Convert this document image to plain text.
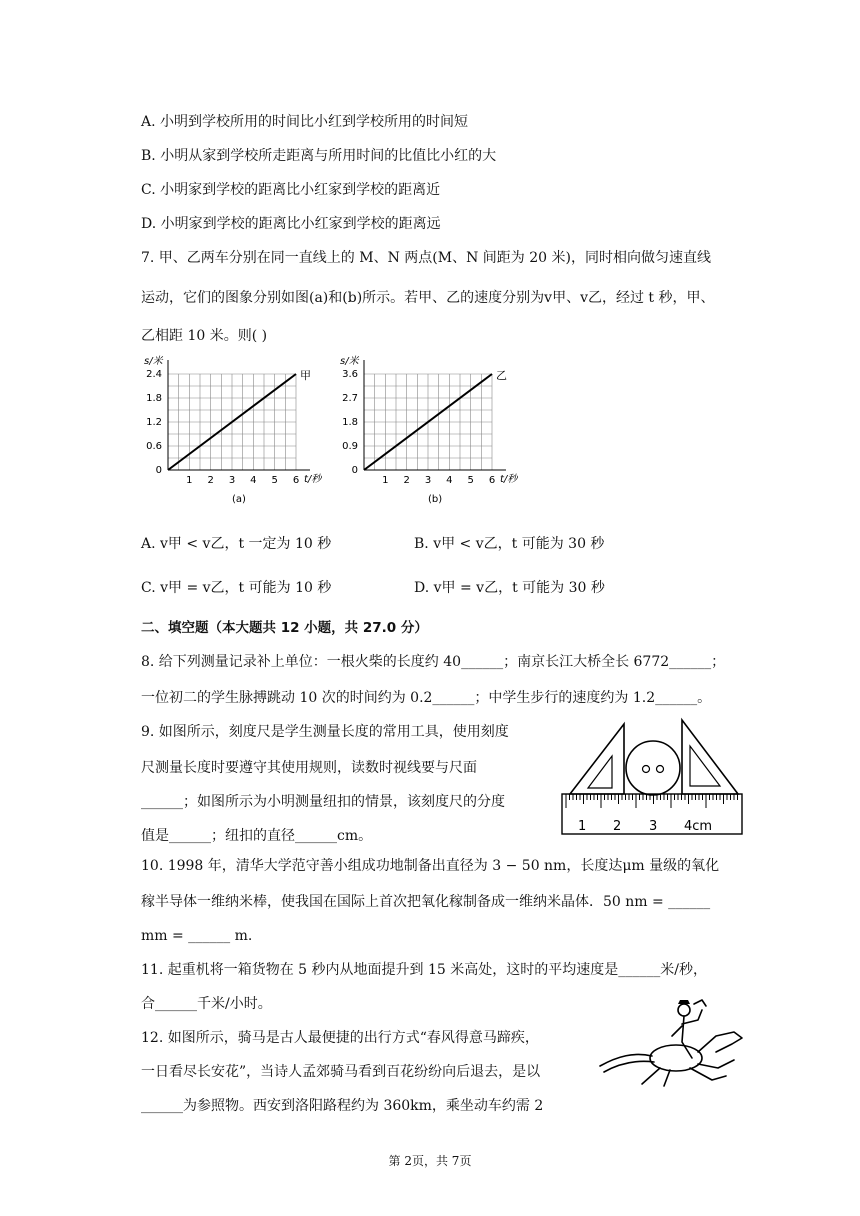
A. 小明到学校所用的时间比小红到学校所用的时间短
B. 小明从家到学校所走距离与所用时间的比值比小红的大
C. 小明家到学校的距离比小红家到学校的距离近
D. 小明家到学校的距离比小红家到学校的距离远
7. 甲、乙两车分别在同一直线上的 M、N 两点(M、N 间距为 20 米)，同时相向做匀速直线
运动，它们的图象分别如图(a)和(b)所示。若甲、乙的速度分别为v甲、v乙，经过 t 秒，甲、
乙相距 10 米。则( )
0
0.6
1.2
1.8
2.4
1 2 3 4 5 6
甲
s/米
t/秒
(a)
0
0.9
1.8
2.7
3.6
1 2 3 4 5 6
乙
s/米
t/秒
(b)
A. v甲 < v乙，t 一定为 10 秒	B. v甲 < v乙，t 可能为 30 秒
C. v甲 = v乙，t 可能为 10 秒	D. v甲 = v乙，t 可能为 30 秒
二、填空题（本大题共 12 小题，共 27.0 分）
8. 给下列测量记录补上单位：一根火柴的长度约 40______；南京长江大桥全长 6772______；
一位初二的学生脉搏跳动 10 次的时间约为 0.2______；中学生步行的速度约为 1.2______。
9. 如图所示，刻度尺是学生测量长度的常用工具，使用刻度
尺测量长度时要遵守其使用规则，读数时视线要与尺面
______；如图所示为小明测量纽扣的情景，该刻度尺的分度
值是______；纽扣的直径______cm。
1 2 3 4cm
10. 1998 年，清华大学范守善小组成功地制备出直径为 3 − 50 nm，长度达μm 量级的氧化
稼半导体一维纳米棒，使我国在国际上首次把氧化稼制备成一维纳米晶体．50 nm = ______
mm = ______ m.
11. 起重机将一箱货物在 5 秒内从地面提升到 15 米高处，这时的平均速度是______米/秒，
合______千米/小时。
12. 如图所示，骑马是古人最便捷的出行方式“春风得意马蹄疾，
一日看尽长安花”，当诗人孟郊骑马看到百花纷纷向后退去，是以
______为参照物。西安到洛阳路程约为 360km，乘坐动车约需 2
第 2页，共 7页
